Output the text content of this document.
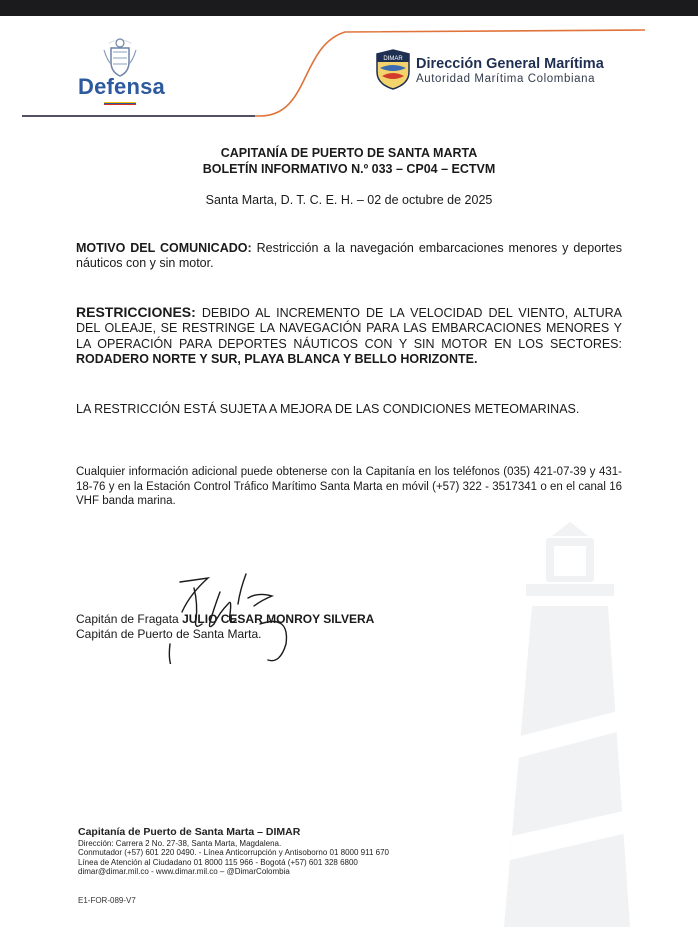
Defensa
DIMAR Dirección General Marítima
Autoridad Marítima Colombiana
CAPITANÍA DE PUERTO DE SANTA MARTA
BOLETÍN INFORMATIVO N.º 033 – CP04 – ECTVM
Santa Marta, D. T. C. E. H. – 02 de octubre de 2025
MOTIVO DEL COMUNICADO: Restricción a la navegación embarcaciones menores y deportes náuticos con y sin motor.
RESTRICCIONES: DEBIDO AL INCREMENTO DE LA VELOCIDAD DEL VIENTO, ALTURA DEL OLEAJE, SE RESTRINGE LA NAVEGACIÓN PARA LAS EMBARCACIONES MENORES Y LA OPERACIÓN PARA DEPORTES NÁUTICOS CON Y SIN MOTOR EN LOS SECTORES: RODADERO NORTE Y SUR, PLAYA BLANCA Y BELLO HORIZONTE.
LA RESTRICCIÓN ESTÁ SUJETA A MEJORA DE LAS CONDICIONES METEOMARINAS.
Cualquier información adicional puede obtenerse con la Capitanía en los teléfonos (035) 421-07-39 y 431-18-76 y en la Estación Control Tráfico Marítimo Santa Marta en móvil (+57) 322 - 3517341 o en el canal 16 VHF banda marina.
Capitán de Fragata JULIO CESAR MONROY SILVERA
Capitán de Puerto de Santa Marta.
Capitanía de Puerto de Santa Marta – DIMAR
Dirección: Carrera 2 No. 27-38, Santa Marta, Magdalena.
Conmutador (+57) 601 220 0490. - Línea Anticorrupción y Antisoborno 01 8000 911 670
Línea de Atención al Ciudadano 01 8000 115 966 - Bogotá (+57) 601 328 6800
dimar@dimar.mil.co - www.dimar.mil.co – @DimarColombia
E1-FOR-089-V7
